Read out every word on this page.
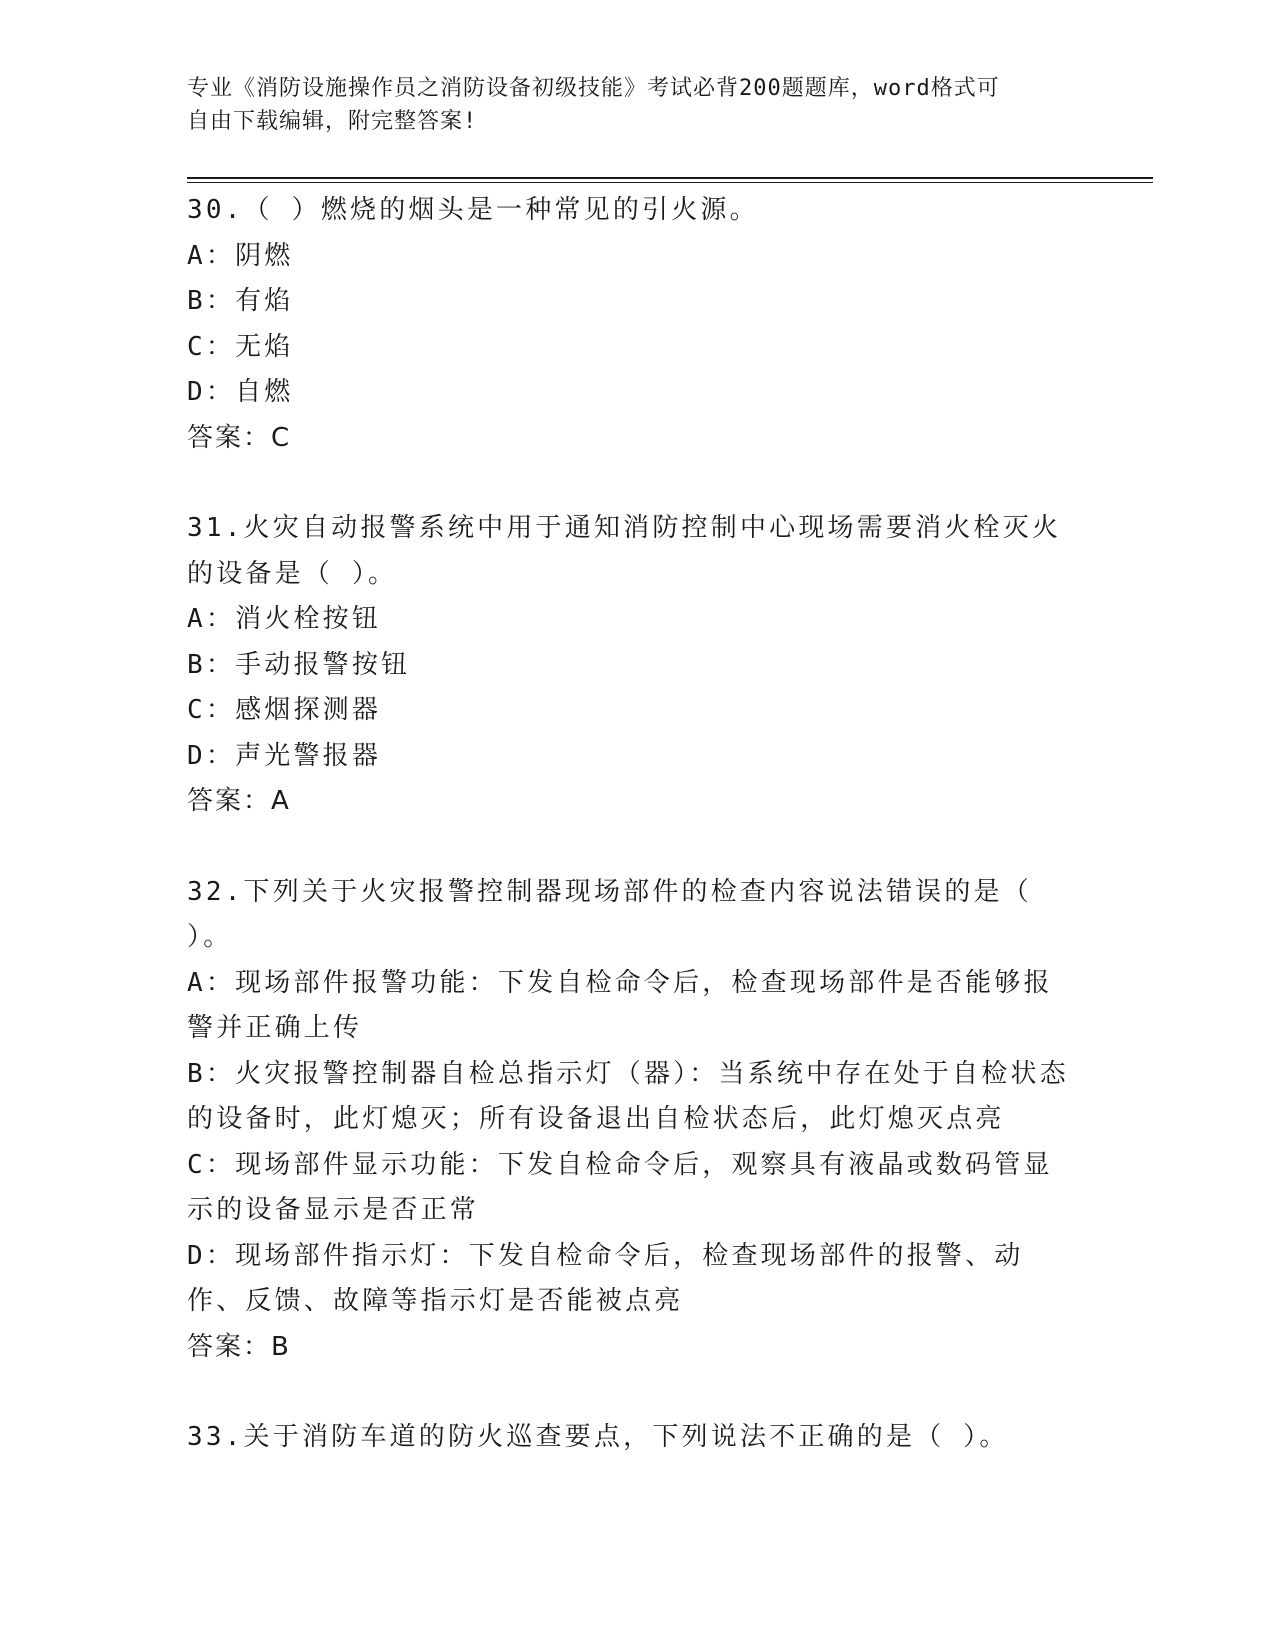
专业《消防设施操作员之消防设备初级技能》考试必背200题题库，word格式可
自由下载编辑，附完整答案!
30.（ ）燃烧的烟头是一种常见的引火源。
A：阴燃
B：有焰
C：无焰
D：自燃
答案：C
31.火灾自动报警系统中用于通知消防控制中心现场需要消火栓灭火的设备是（ ）。
A：消火栓按钮
B：手动报警按钮
C：感烟探测器
D：声光警报器
答案：A
32.下列关于火灾报警控制器现场部件的检查内容说法错误的是（ ）。
A：现场部件报警功能：下发自检命令后，检查现场部件是否能够报警并正确上传
B：火灾报警控制器自检总指示灯（器）：当系统中存在处于自检状态的设备时，此灯熄灭；所有设备退出自检状态后，此灯熄灭点亮
C：现场部件显示功能：下发自检命令后，观察具有液晶或数码管显示的设备显示是否正常
D：现场部件指示灯：下发自检命令后，检查现场部件的报警、动作、反馈、故障等指示灯是否能被点亮
答案：B
33.关于消防车道的防火巡查要点，下列说法不正确的是（ ）。
